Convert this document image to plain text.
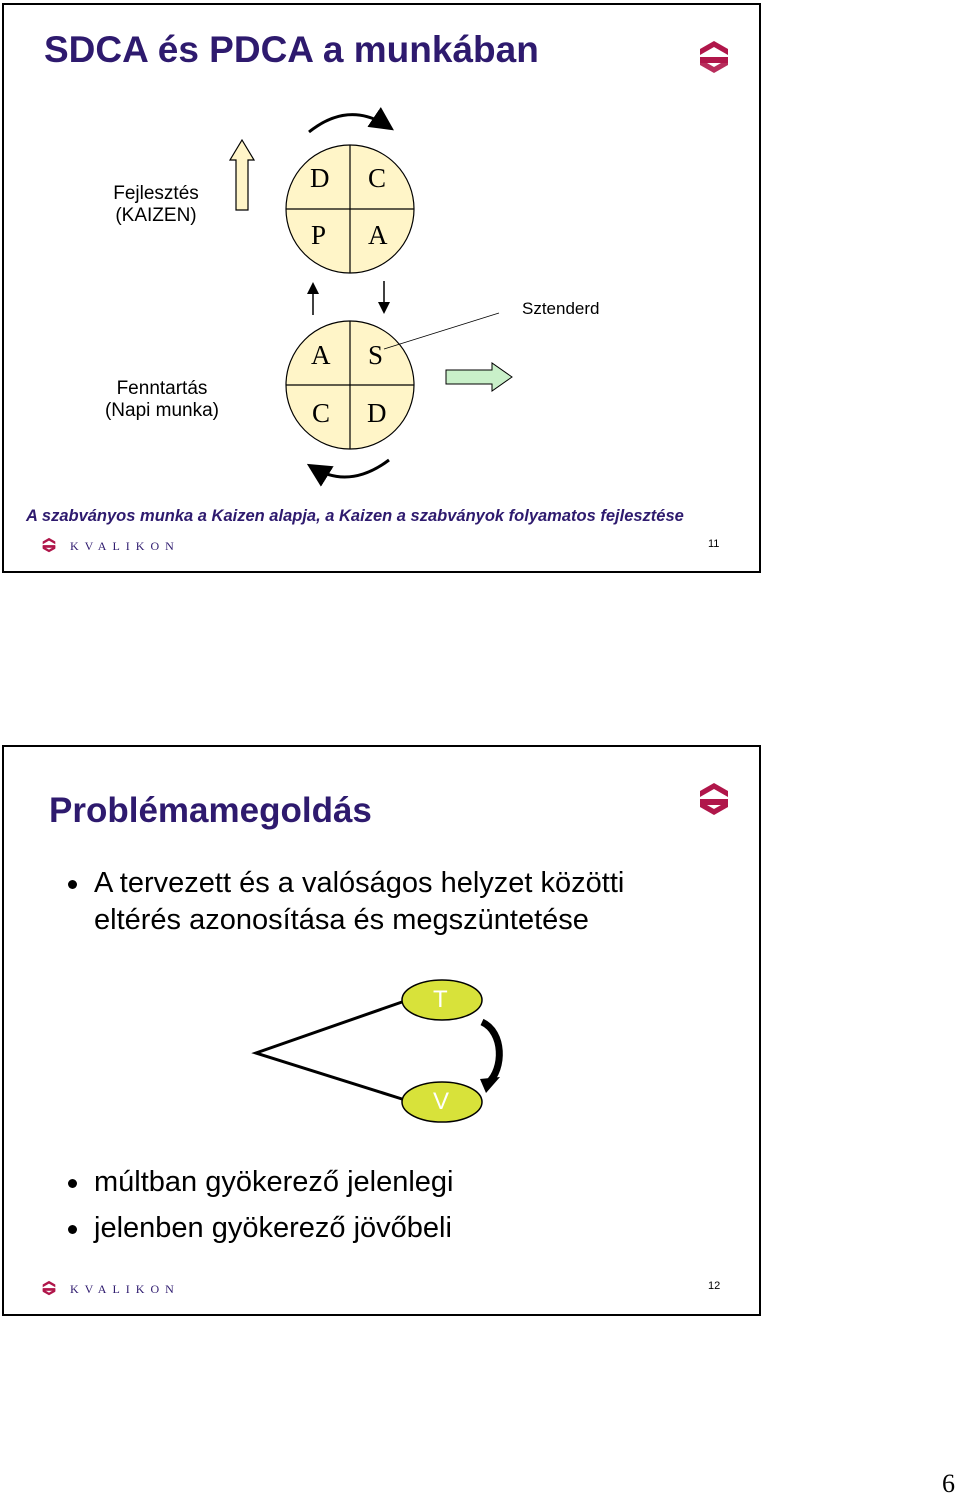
SDCA és PDCA a munkában
Fejlesztés
(KAIZEN)
Fenntartás
(Napi munka)
Sztenderd
D C
P A
A S
C D
A szabványos munka a Kaizen alapja, a Kaizen a szabványok folyamatos fejlesztése
KVALIKON	11
Problémamegoldás
A tervezett és a valóságos helyzet közötti
eltérés azonosítása és megszüntetése
T
V
múltban gyökerező jelenlegi
jelenben gyökerező jövőbeli
KVALIKON	12
6
